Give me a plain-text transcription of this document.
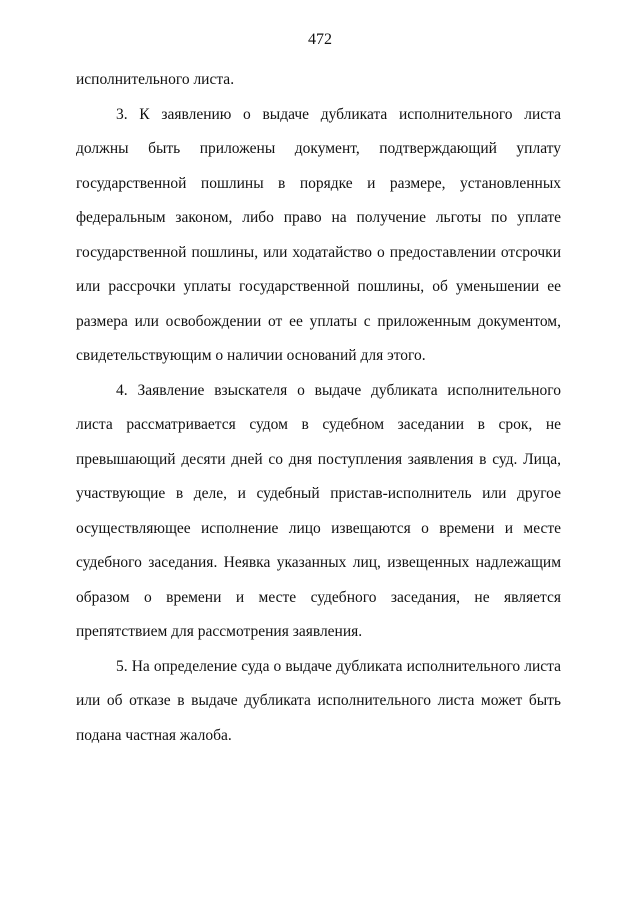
472

исполнительного листа.

3. К заявлению о выдаче дубликата исполнительного листа должны быть приложены документ, подтверждающий уплату государственной пошлины в порядке и размере, установленных федеральным законом, либо право на получение льготы по уплате государственной пошлины, или ходатайство о предоставлении отсрочки или рассрочки уплаты государственной пошлины, об уменьшении ее размера или освобождении от ее уплаты с приложенным документом, свидетельствующим о наличии оснований для этого.

4. Заявление взыскателя о выдаче дубликата исполнительного листа рассматривается судом в судебном заседании в срок, не превышающий десяти дней со дня поступления заявления в суд. Лица, участвующие в деле, и судебный пристав-исполнитель или другое осуществляющее исполнение лицо извещаются о времени и месте судебного заседания. Неявка указанных лиц, извещенных надлежащим образом о времени и месте судебного заседания, не является препятствием для рассмотрения заявления.

5. На определение суда о выдаче дубликата исполнительного листа или об отказе в выдаче дубликата исполнительного листа может быть подана частная жалоба.
